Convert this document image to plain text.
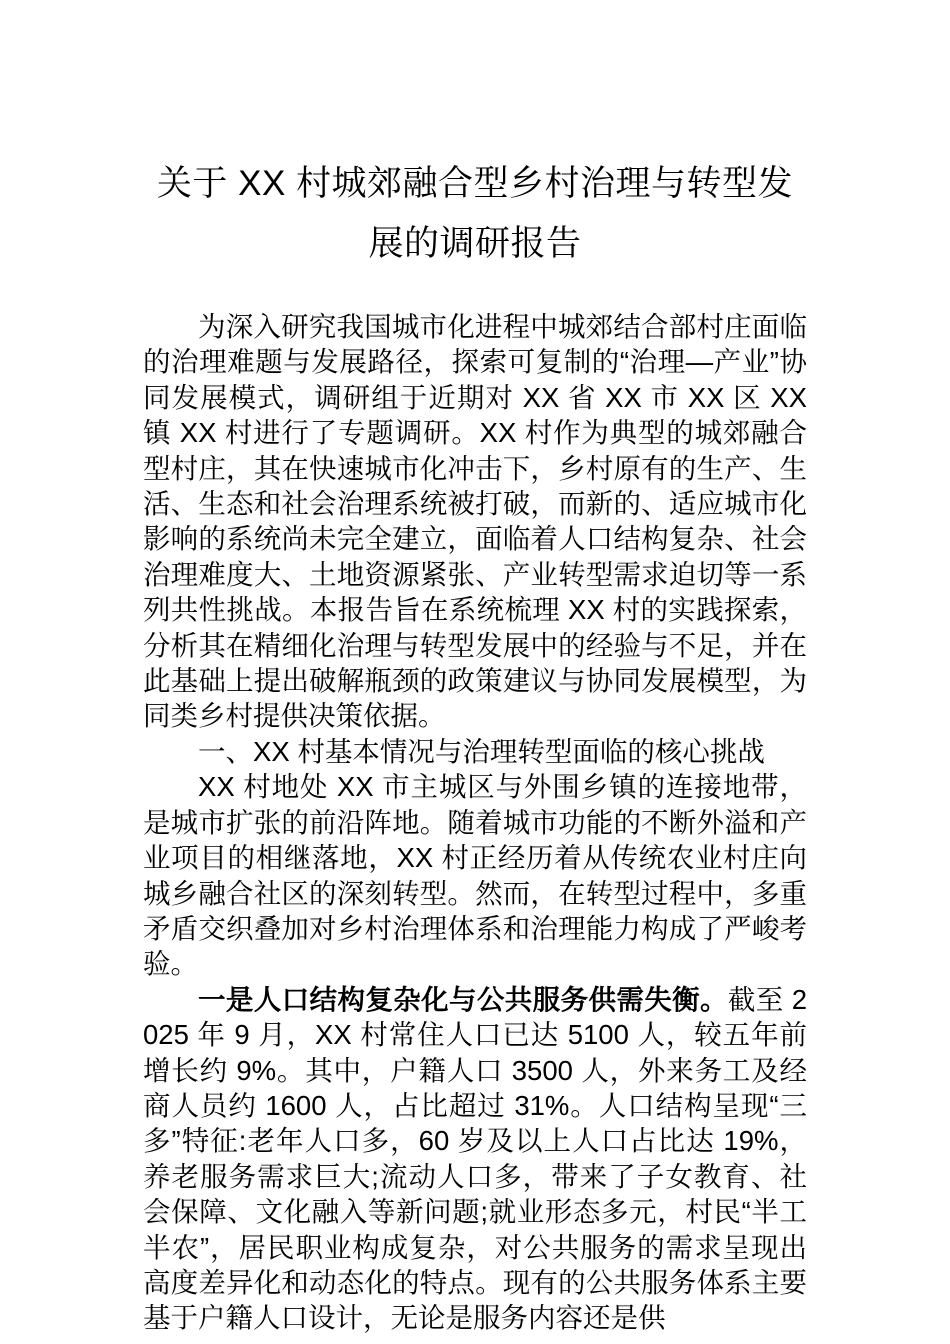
关于 XX 村城郊融合型乡村治理与转型发展的调研报告

为深入研究我国城市化进程中城郊结合部村庄面临的治理难题与发展路径，探索可复制的“治理—产业”协同发展模式，调研组于近期对 XX 省 XX 市 XX 区 XX 镇 XX 村进行了专题调研。XX 村作为典型的城郊融合型村庄，其在快速城市化冲击下，乡村原有的生产、生活、生态和社会治理系统被打破，而新的、适应城市化影响的系统尚未完全建立，面临着人口结构复杂、社会治理难度大、土地资源紧张、产业转型需求迫切等一系列共性挑战。本报告旨在系统梳理 XX 村的实践探索，分析其在精细化治理与转型发展中的经验与不足，并在此基础上提出破解瓶颈的政策建议与协同发展模型，为同类乡村提供决策依据。

一、XX 村基本情况与治理转型面临的核心挑战

XX 村地处 XX 市主城区与外围乡镇的连接地带，是城市扩张的前沿阵地。随着城市功能的不断外溢和产业项目的相继落地，XX 村正经历着从传统农业村庄向城乡融合社区的深刻转型。然而，在转型过程中，多重矛盾交织叠加对乡村治理体系和治理能力构成了严峻考验。

一是人口结构复杂化与公共服务供需失衡。截至 2025 年 9 月，XX 村常住人口已达 5100 人，较五年前增长约 9%。其中，户籍人口 3500 人，外来务工及经商人员约 1600 人，占比超过 31%。人口结构呈现“三多”特征:老年人口多，60 岁及以上人口占比达 19%，养老服务需求巨大;流动人口多，带来了子女教育、社会保障、文化融入等新问题;就业形态多元，村民“半工半农”，居民职业构成复杂，对公共服务的需求呈现出高度差异化和动态化的特点。现有的公共服务体系主要基于户籍人口设计，无论是服务内容还是供
